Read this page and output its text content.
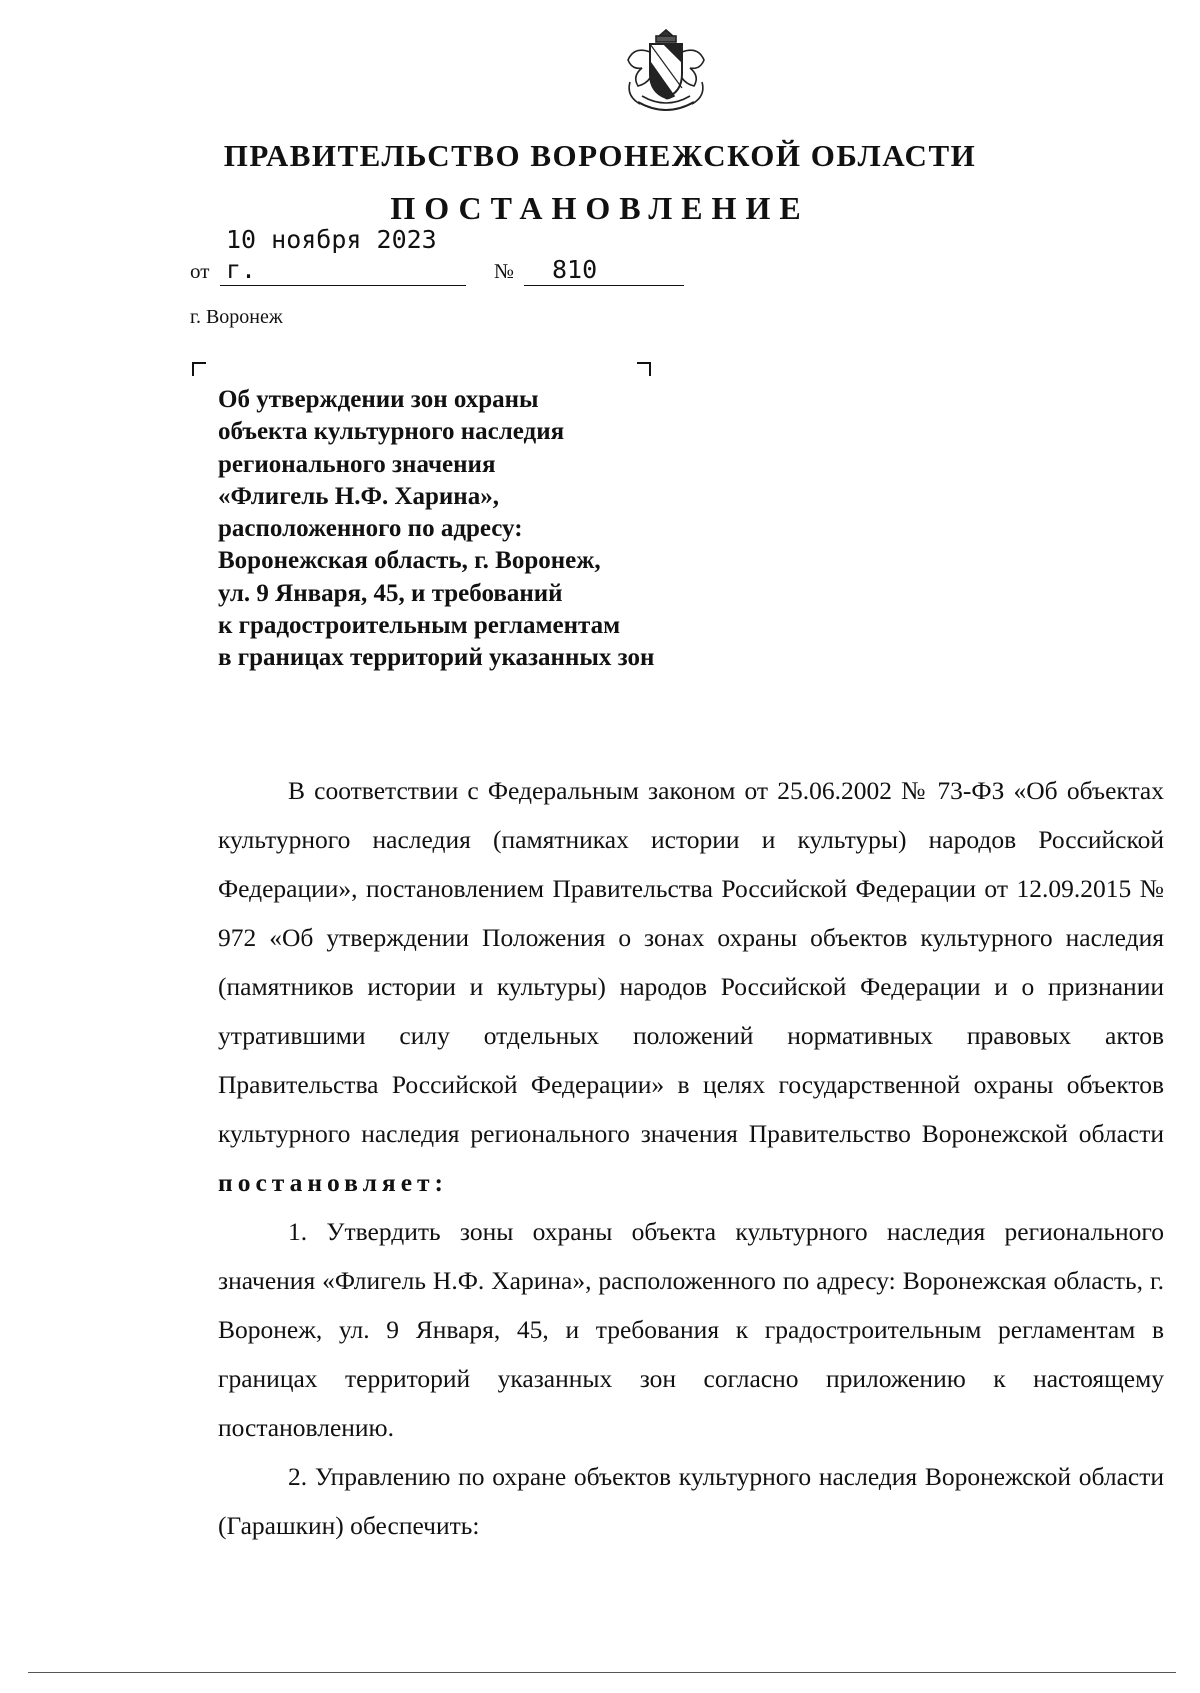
ПРАВИТЕЛЬСТВО ВОРОНЕЖСКОЙ ОБЛАСТИ
ПОСТАНОВЛЕНИЕ
от
10 ноября 2023 г.	№	810
г. Воронеж
Об утверждении зон охраны
объекта культурного наследия
регионального значения
«Флигель Н.Ф. Харина»,
расположенного по адресу:
Воронежская область, г. Воронеж,
ул. 9 Января, 45, и требований
к градостроительным регламентам
в границах территорий указанных зон

В соответствии с Федеральным законом от 25.06.2002 № 73-ФЗ «Об объектах культурного наследия (памятниках истории и культуры) народов Российской Федерации», постановлением Правительства Российской Федерации от 12.09.2015 № 972 «Об утверждении Положения о зонах охраны объектов культурного наследия (памятников истории и культуры) народов Российской Федерации и о признании утратившими силу отдельных положений нормативных правовых актов Правительства Российской Федерации» в целях государственной охраны объектов культурного наследия регионального значения Правительство Воронежской области постановляет:

1. Утвердить зоны охраны объекта культурного наследия регионального значения «Флигель Н.Ф. Харина», расположенного по адресу: Воронежская область, г. Воронеж, ул. 9 Января, 45, и требования к градостроительным регламентам в границах территорий указанных зон согласно приложению к настоящему постановлению.

2. Управлению по охране объектов культурного наследия Воронежской области (Гарашкин) обеспечить:
